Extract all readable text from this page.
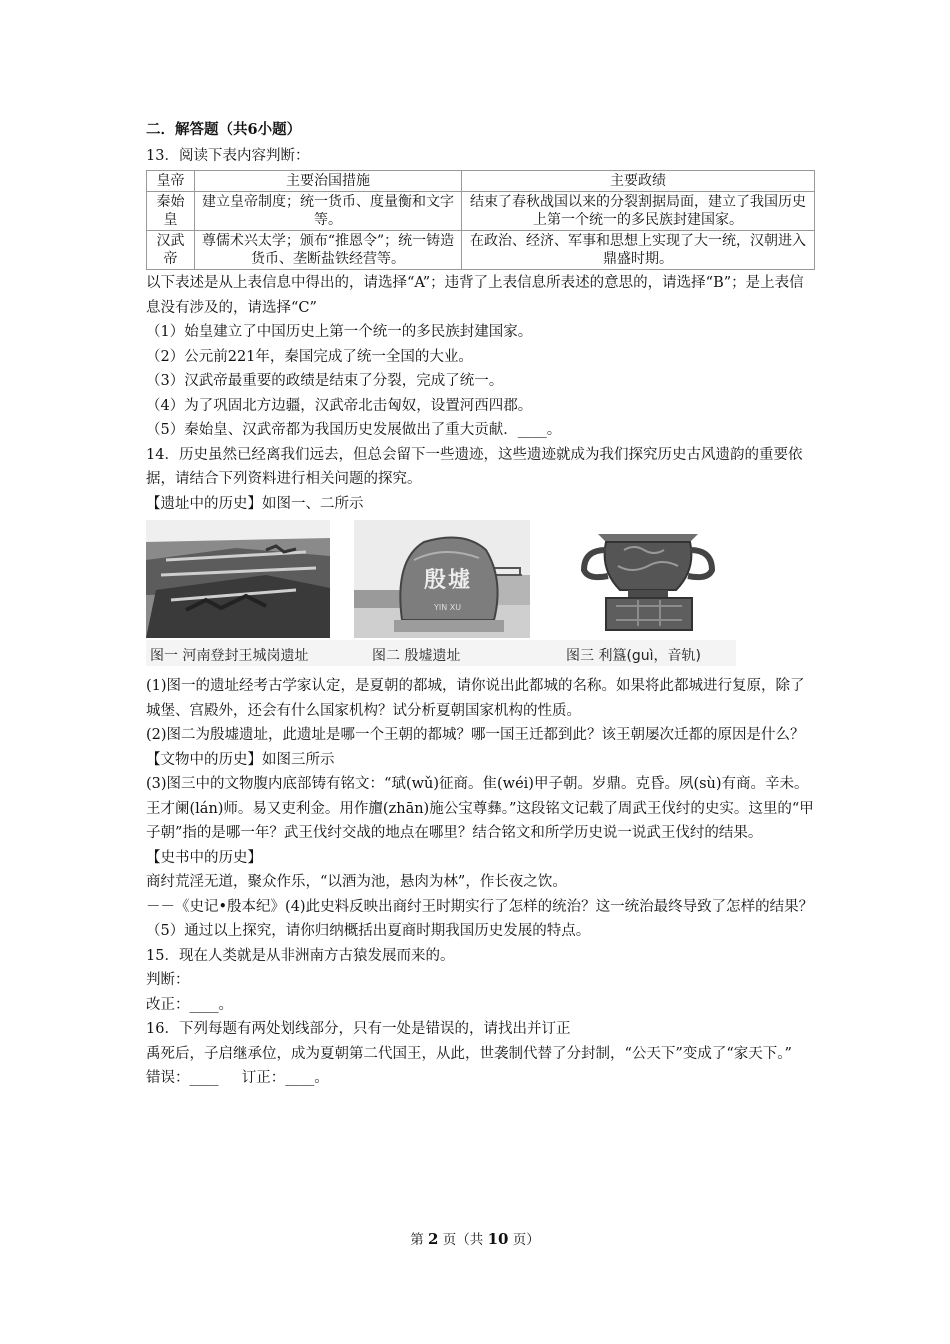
二．解答题（共6小题）
13．阅读下表内容判断：
皇帝	主要治国措施	主要政绩
秦始皇	建立皇帝制度；统一货币、度量衡和文字等。	结束了春秋战国以来的分裂割据局面，建立了我国历史上第一个统一的多民族封建国家。
汉武帝	尊儒术兴太学；颁布“推恩令”；统一铸造货币、垄断盐铁经营等。	在政治、经济、军事和思想上实现了大一统，汉朝进入鼎盛时期。
以下表述是从上表信息中得出的，请选择“A”；违背了上表信息所表述的意思的，请选择“B”；是上表信息没有涉及的，请选择“C”
（1）始皇建立了中国历史上第一个统一的多民族封建国家。
（2）公元前221年，秦国完成了统一全国的大业。
（3）汉武帝最重要的政绩是结束了分裂，完成了统一。
（4）为了巩固北方边疆，汉武帝北击匈奴，设置河西四郡。
（5）秦始皇、汉武帝都为我国历史发展做出了重大贡献．____。
14．历史虽然已经离我们远去，但总会留下一些遗迹，这些遗迹就成为我们探究历史古风遗韵的重要依据，请结合下列资料进行相关问题的探究。
【遗址中的历史】如图一、二所示
殷墟
YIN XU
图一 河南登封王城岗遗址	图二 殷墟遗址	图三 利簋(guì，音轨)
(1)图一的遗址经考古学家认定，是夏朝的都城，请你说出此都城的名称。如果将此都城进行复原，除了城堡、宫殿外，还会有什么国家机构？试分析夏朝国家机构的性质。
(2)图二为殷墟遗址，此遗址是哪一个王朝的都城？哪一国王迁都到此？该王朝屡次迁都的原因是什么？
【文物中的历史】如图三所示
(3)图三中的文物腹内底部铸有铭文：“珷(wǔ)征商。隹(wéi)甲子朝。岁鼎。克昏。夙(sù)有商。辛未。王才阑(lán)师。易又吏利金。用作旜(zhān)施公宝尊彝。”这段铭文记载了周武王伐纣的史实。这里的“甲子朝”指的是哪一年？武王伐纣交战的地点在哪里？结合铭文和所学历史说一说武王伐纣的结果。
【史书中的历史】
商纣荒淫无道，聚众作乐，“以酒为池，悬肉为林”，作长夜之饮。
－－《史记•殷本纪》(4)此史料反映出商纣王时期实行了怎样的统治？这一统治最终导致了怎样的结果？
（5）通过以上探究，请你归纳概括出夏商时期我国历史发展的特点。
15．现在人类就是从非洲南方古猿发展而来的。
判断：
改正：____。
16．下列每题有两处划线部分，只有一处是错误的，请找出并订正
禹死后，子启继承位，成为夏朝第二代国王，从此，世袭制代替了分封制，“公天下”变成了“家天下。”
错误：____ 订正：____。
第 2 页（共 10 页）
